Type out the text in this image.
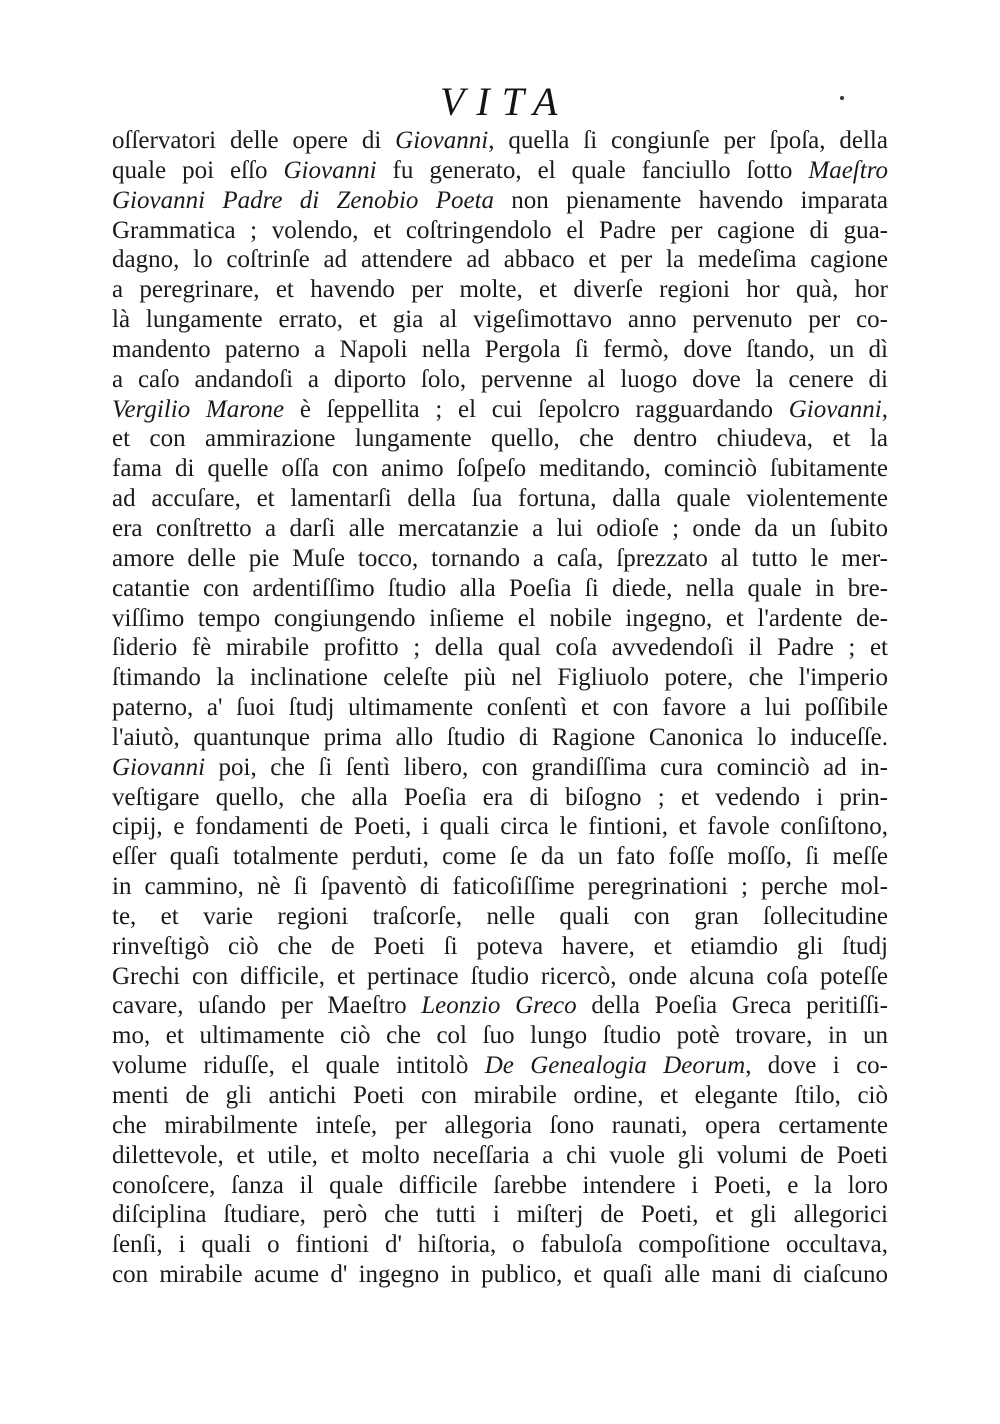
VITA
oſſervatori delle opere di Giovanni, quella ſi congiunſe per ſpoſa, della
quale poi eſſo Giovanni fu generato, el quale fanciullo ſotto Maeſtro
Giovanni Padre di Zenobio Poeta non pienamente havendo imparata
Grammatica ; volendo, et coſtringendolo el Padre per cagione di gua-
dagno, lo coſtrinſe ad attendere ad abbaco et per la medeſima cagione
a peregrinare, et havendo per molte, et diverſe regioni hor quà, hor
là lungamente errato, et gia al vigeſimottavo anno pervenuto per co-
mandento paterno a Napoli nella Pergola ſi fermò, dove ſtando, un dì
a caſo andandoſi a diporto ſolo, pervenne al luogo dove la cenere di
Vergilio Marone è ſeppellita ; el cui ſepolcro ragguardando Giovanni,
et con ammirazione lungamente quello, che dentro chiudeva, et la
fama di quelle oſſa con animo ſoſpeſo meditando, cominciò ſubitamente
ad accuſare, et lamentarſi della ſua fortuna, dalla quale violentemente
era conſtretto a darſi alle mercatanzie a lui odioſe ; onde da un ſubito
amore delle pie Muſe tocco, tornando a caſa, ſprezzato al tutto le mer-
catantie con ardentiſſimo ſtudio alla Poeſia ſi diede, nella quale in bre-
viſſimo tempo congiungendo inſieme el nobile ingegno, et l'ardente de-
ſiderio fè mirabile profitto ; della qual coſa avvedendoſi il Padre ; et
ſtimando la inclinatione celeſte più nel Figliuolo potere, che l'imperio
paterno, a' ſuoi ſtudj ultimamente conſentì et con favore a lui poſſibile
l'aiutò, quantunque prima allo ſtudio di Ragione Canonica lo induceſſe.
Giovanni poi, che ſi ſentì libero, con grandiſſima cura cominciò ad in-
veſtigare quello, che alla Poeſia era di biſogno ; et vedendo i prin-
cipij, e fondamenti de Poeti, i quali circa le fintioni, et favole conſiſtono,
eſſer quaſi totalmente perduti, come ſe da un fato foſſe moſſo, ſi meſſe
in cammino, nè ſi ſpaventò di faticoſiſſime peregrinationi ; perche mol-
te, et varie regioni traſcorſe, nelle quali con gran ſollecitudine
rinveſtigò ciò che de Poeti ſi poteva havere, et etiamdio gli ſtudj
Grechi con difficile, et pertinace ſtudio ricercò, onde alcuna coſa poteſſe
cavare, uſando per Maeſtro Leonzio Greco della Poeſia Greca peritiſſi-
mo, et ultimamente ciò che col ſuo lungo ſtudio potè trovare, in un
volume riduſſe, el quale intitolò De Genealogia Deorum, dove i co-
menti de gli antichi Poeti con mirabile ordine, et elegante ſtilo, ciò
che mirabilmente inteſe, per allegoria ſono raunati, opera certamente
dilettevole, et utile, et molto neceſſaria a chi vuole gli volumi de Poeti
conoſcere, ſanza il quale difficile ſarebbe intendere i Poeti, e la loro
diſciplina ſtudiare, però che tutti i miſterj de Poeti, et gli allegorici
ſenſi, i quali o fintioni d' hiſtoria, o fabuloſa compoſitione occultava,
con mirabile acume d' ingegno in publico, et quaſi alle mani di ciaſcuno
